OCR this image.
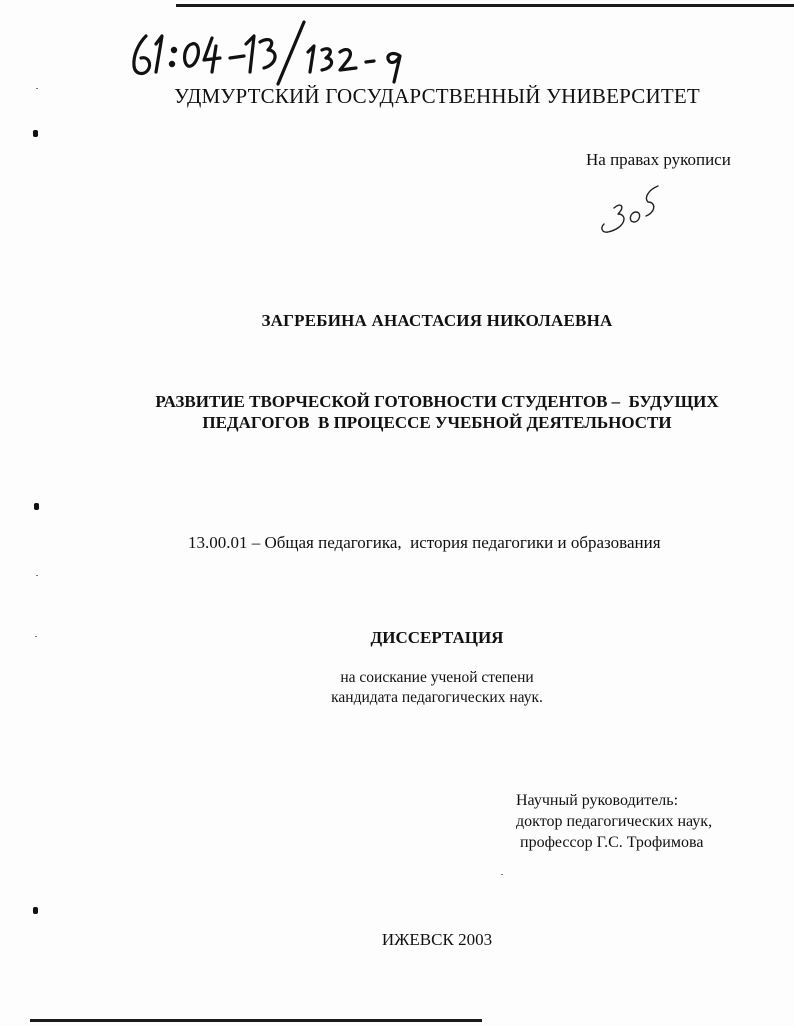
УДМУРТСКИЙ ГОСУДАРСТВЕННЫЙ УНИВЕРСИТЕТ
На правах рукописи
ЗАГРЕБИНА АНАСТАСИЯ НИКОЛАЕВНА
РАЗВИТИЕ ТВОРЧЕСКОЙ ГОТОВНОСТИ СТУДЕНТОВ –  БУДУЩИХ
ПЕДАГОГОВ  В ПРОЦЕССЕ УЧЕБНОЙ ДЕЯТЕЛЬНОСТИ
13.00.01 – Общая педагогика,  история педагогики и образования
ДИССЕРТАЦИЯ
на соискание ученой степени
кандидата педагогических наук.
Научный руководитель:
доктор педагогических наук,
профессор Г.С. Трофимова
ИЖЕВСК 2003
